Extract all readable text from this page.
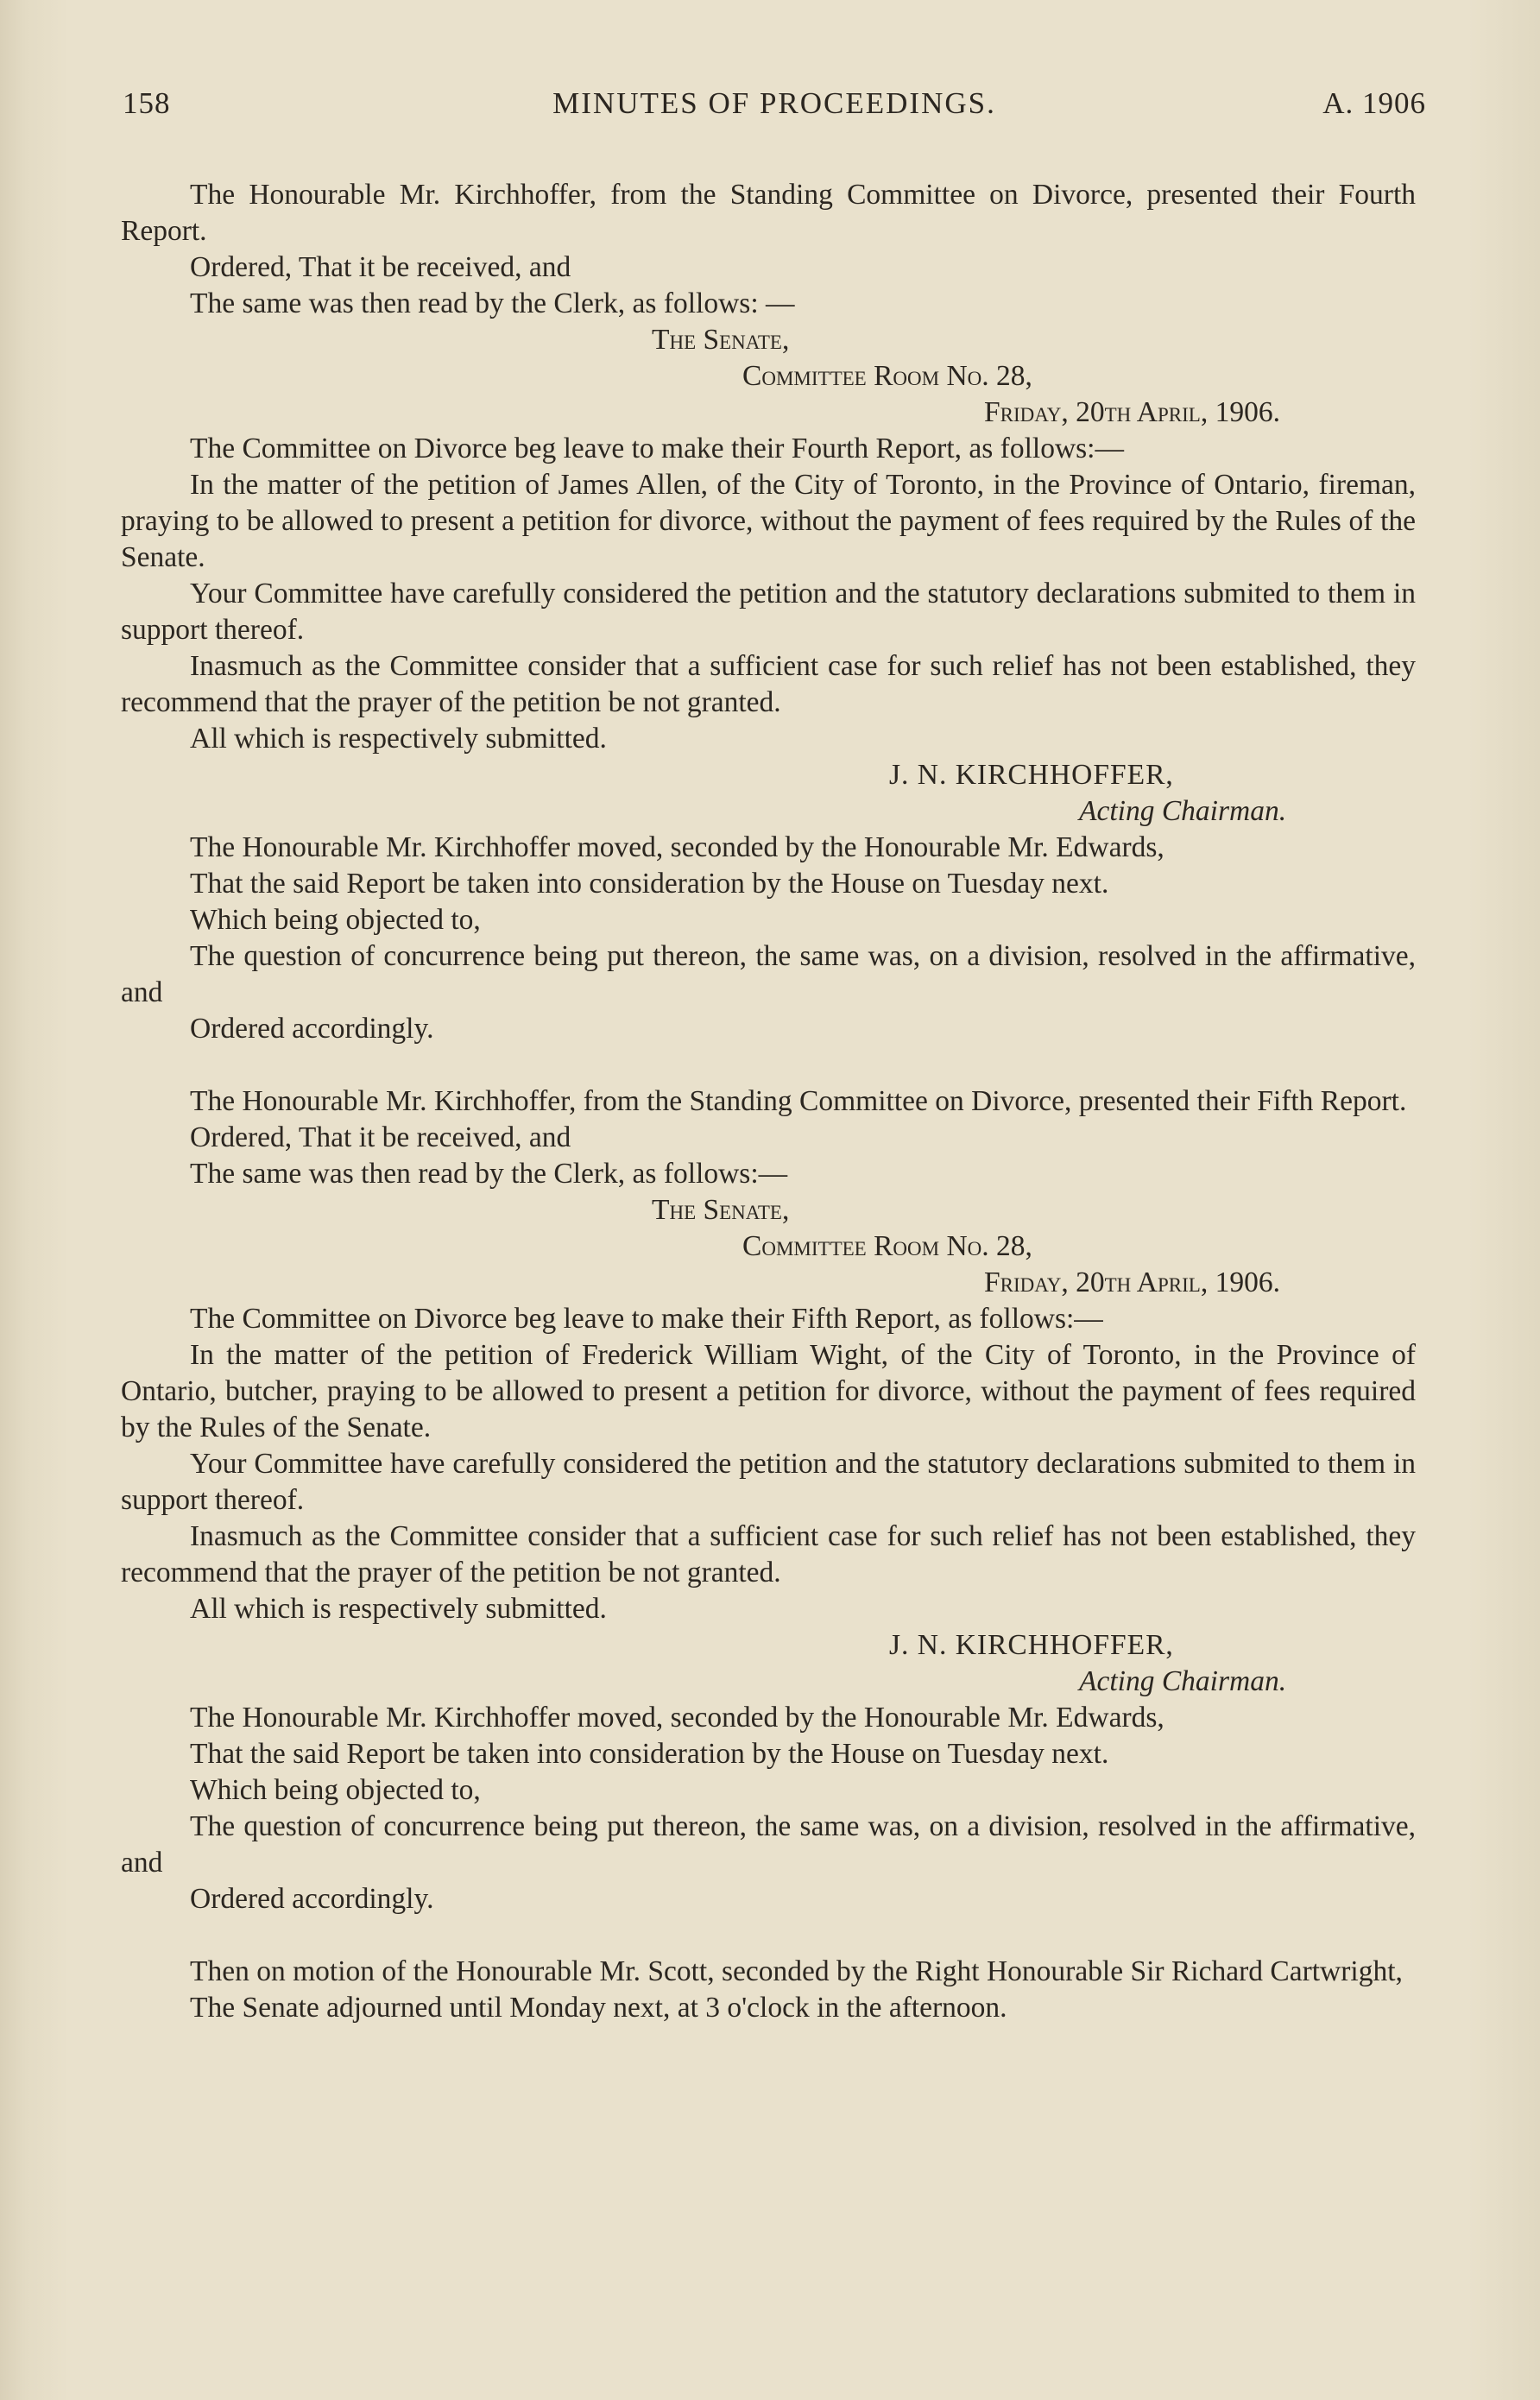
158	MINUTES OF PROCEEDINGS.	A. 1906

The Honourable Mr. Kirchhoffer, from the Standing Committee on Divorce, presented their Fourth Report.

Ordered, That it be received, and

The same was then read by the Clerk, as follows: —

The Senate,

Committee Room No. 28,

Friday, 20th April, 1906.

The Committee on Divorce beg leave to make their Fourth Report, as follows:—

In the matter of the petition of James Allen, of the City of Toronto, in the Province of Ontario, fireman, praying to be allowed to present a petition for divorce, without the payment of fees required by the Rules of the Senate.

Your Committee have carefully considered the petition and the statutory declarations submited to them in support thereof.

Inasmuch as the Committee consider that a sufficient case for such relief has not been established, they recommend that the prayer of the petition be not granted.

All which is respectively submitted.

J. N. KIRCHHOFFER,

Acting Chairman.

The Honourable Mr. Kirchhoffer moved, seconded by the Honourable Mr. Edwards,

That the said Report be taken into consideration by the House on Tuesday next.

Which being objected to,

The question of concurrence being put thereon, the same was, on a division, resolved in the affirmative, and

Ordered accordingly.

The Honourable Mr. Kirchhoffer, from the Standing Committee on Divorce, presented their Fifth Report.

Ordered, That it be received, and

The same was then read by the Clerk, as follows:—

The Senate,

Committee Room No. 28,

Friday, 20th April, 1906.

The Committee on Divorce beg leave to make their Fifth Report, as follows:—

In the matter of the petition of Frederick William Wight, of the City of Toronto, in the Province of Ontario, butcher, praying to be allowed to present a petition for divorce, without the payment of fees required by the Rules of the Senate.

Your Committee have carefully considered the petition and the statutory declarations submited to them in support thereof.

Inasmuch as the Committee consider that a sufficient case for such relief has not been established, they recommend that the prayer of the petition be not granted.

All which is respectively submitted.

J. N. KIRCHHOFFER,

Acting Chairman.

The Honourable Mr. Kirchhoffer moved, seconded by the Honourable Mr. Edwards,

That the said Report be taken into consideration by the House on Tuesday next.

Which being objected to,

The question of concurrence being put thereon, the same was, on a division, resolved in the affirmative, and

Ordered accordingly.

Then on motion of the Honourable Mr. Scott, seconded by the Right Honourable Sir Richard Cartwright,

The Senate adjourned until Monday next, at 3 o'clock in the afternoon.
